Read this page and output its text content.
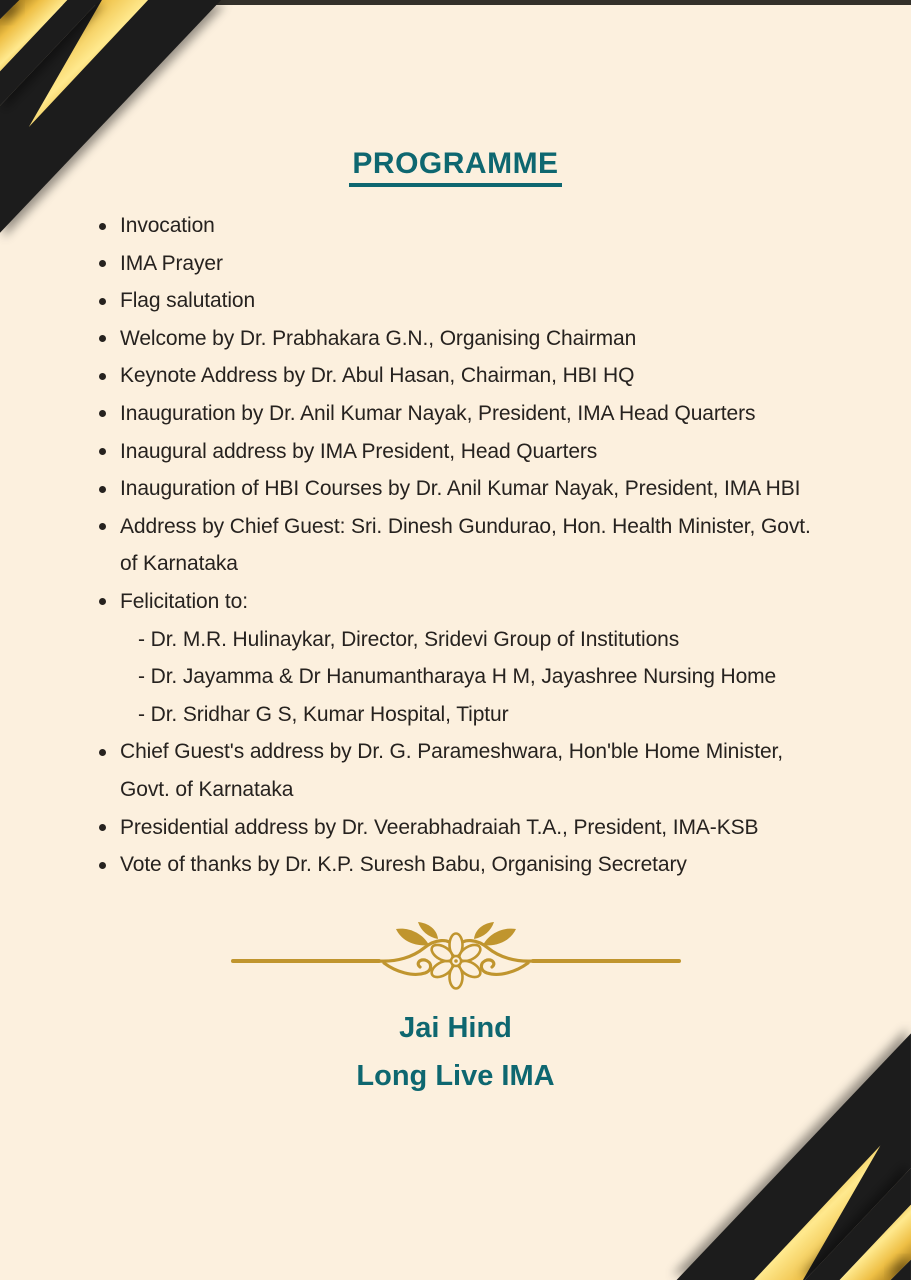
PROGRAMME
Invocation
IMA Prayer
Flag salutation
Welcome by Dr. Prabhakara G.N., Organising Chairman
Keynote Address by Dr. Abul Hasan, Chairman, HBI HQ
Inauguration by Dr. Anil Kumar Nayak, President, IMA Head Quarters
Inaugural address by IMA President, Head Quarters
Inauguration of HBI Courses by Dr. Anil Kumar Nayak, President, IMA HBI
Address by Chief Guest: Sri. Dinesh Gundurao, Hon. Health Minister, Govt. of Karnataka
Felicitation to:
- Dr. M.R. Hulinaykar, Director, Sridevi Group of Institutions
- Dr. Jayamma & Dr Hanumantharaya H M, Jayashree Nursing Home
- Dr. Sridhar G S, Kumar Hospital, Tiptur
Chief Guest's address by Dr. G. Parameshwara, Hon'ble Home Minister, Govt. of Karnataka
Presidential address by Dr. Veerabhadraiah T.A., President, IMA-KSB
Vote of thanks by Dr. K.P. Suresh Babu, Organising Secretary
Jai Hind
Long Live IMA
